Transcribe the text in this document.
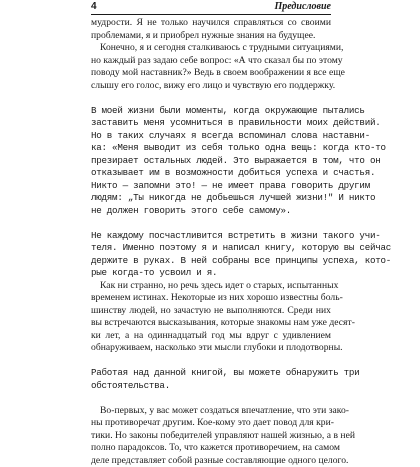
4	Предисловие
мудрости. Я не только научился справляться со своими
проблемами, я и приобрел нужные знания на будущее.
Конечно, я и сегодня сталкиваюсь с трудными ситуациями,
но каждый раз задаю себе вопрос: «А что сказал бы по этому
поводу мой наставник?» Ведь в своем воображении я все еще
слышу его голос, вижу его лицо и чувствую его поддержку.
В моей жизни были моменты, когда окружающие пытались
заставить меня усомниться в правильности моих действий.
Но в таких случаях я всегда вспоминал слова наставни-
ка: «Меня выводит из себя только одна вещь: когда кто-то
презирает остальных людей. Это выражается в том, что он
отказывает им в возможности добиться успеха и счастья.
Никто — запомни это! — не имеет права говорить другим
людям: „Ты никогда не добьешься лучшей жизни!" И никто
не должен говорить этого себе самому».
Не каждому посчастливится встретить в жизни такого учи-
теля. Именно поэтому я и написал книгу, которую вы сейчас
держите в руках. В ней собраны все принципы успеха, кото-
рые когда-то усвоил и я.
Как ни странно, но речь здесь идет о старых, испытанных
временем истинах. Некоторые из них хорошо известны боль-
шинству людей, но зачастую не выполняются. Среди них
вы встречаются высказывания, которые знакомы нам уже десят-
ки лет, а на одиннадцатый год мы вдруг с удивлением
обнаруживаем, насколько эти мысли глубоки и плодотворны.
Работая над данной книгой, вы можете обнаружить три
обстоятельства.
Во-первых, у вас может создаться впечатление, что эти зако-
ны противоречат другим. Кое-кому это дает повод для кри-
тики. Но законы победителей управляют нашей жизнью, а в ней
полно парадоксов. То, что кажется противоречием, на самом
деле представляет собой разные составляющие одного целого.
